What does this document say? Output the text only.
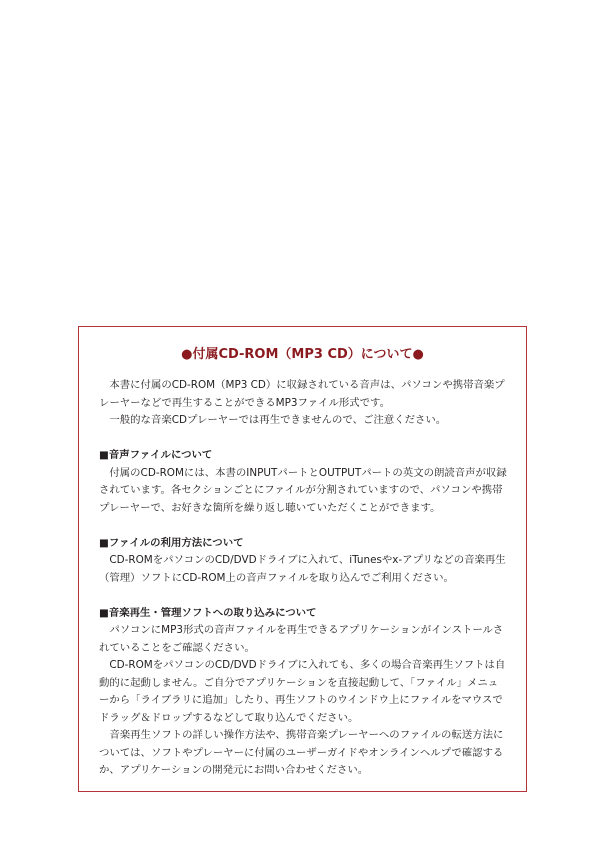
●付属CD-ROM（MP3 CD）について●

本書に付属のCD-ROM（MP3 CD）に収録されている音声は、パソコンや携帯音楽プレーヤーなどで再生することができるMP3ファイル形式です。

一般的な音楽CDプレーヤーでは再生できませんので、ご注意ください。

■音声ファイルについて

付属のCD-ROMには、本書のINPUTパートとOUTPUTパートの英文の朗読音声が収録されています。各セクションごとにファイルが分割されていますので、パソコンや携帯プレーヤーで、お好きな箇所を繰り返し聴いていただくことができます。

■ファイルの利用方法について

CD-ROMをパソコンのCD/DVDドライブに入れて、iTunesやx-アプリなどの音楽再生（管理）ソフトにCD-ROM上の音声ファイルを取り込んでご利用ください。

■音楽再生・管理ソフトへの取り込みについて

パソコンにMP3形式の音声ファイルを再生できるアプリケーションがインストールされていることをご確認ください。

CD-ROMをパソコンのCD/DVDドライブに入れても、多くの場合音楽再生ソフトは自動的に起動しません。ご自分でアプリケーションを直接起動して、「ファイル」メニューから「ライブラリに追加」したり、再生ソフトのウインドウ上にファイルをマウスでドラッグ＆ドロップするなどして取り込んでください。

音楽再生ソフトの詳しい操作方法や、携帯音楽プレーヤーへのファイルの転送方法については、ソフトやプレーヤーに付属のユーザーガイドやオンラインヘルプで確認するか、アプリケーションの開発元にお問い合わせください。
